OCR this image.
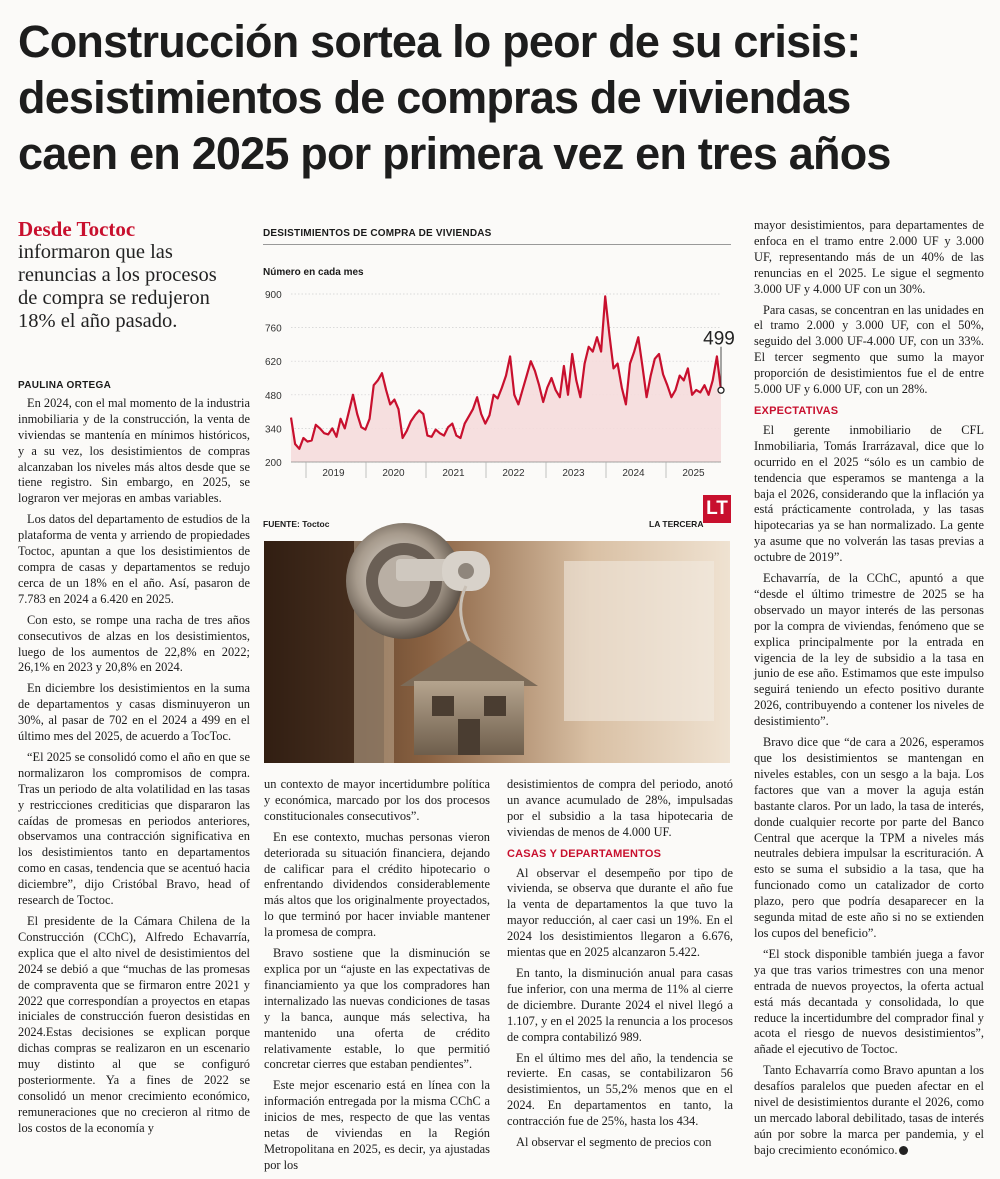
Construcción sortea lo peor de su crisis:
desistimientos de compras de viviendas
caen en 2025 por primera vez en tres años
Desde Toctoc
informaron que las renuncias a los procesos de compra se redujeron 18% el año pasado.
PAULINA ORTEGA

En 2024, con el mal momento de la industria inmobiliaria y de la construcción, la venta de viviendas se mantenía en mínimos históricos, y a su vez, los desistimientos de compras alcanzaban los niveles más altos desde que se tiene registro. Sin embargo, en 2025, se lograron ver mejoras en ambas variables.

Los datos del departamento de estudios de la plataforma de venta y arriendo de propiedades Toctoc, apuntan a que los desistimientos de compra de casas y departamentos se redujo cerca de un 18% en el año. Así, pasaron de 7.783 en 2024 a 6.420 en 2025.

Con esto, se rompe una racha de tres años consecutivos de alzas en los desistimientos, luego de los aumentos de 22,8% en 2022; 26,1% en 2023 y 20,8% en 2024.

En diciembre los desistimientos en la suma de departamentos y casas disminuyeron un 30%, al pasar de 702 en el 2024 a 499 en el último mes del 2025, de acuerdo a TocToc.

“El 2025 se consolidó como el año en que se normalizaron los compromisos de compra. Tras un periodo de alta volatilidad en las tasas y restricciones crediticias que dispararon las caídas de promesas en periodos anteriores, observamos una contracción significativa en los desistimientos tanto en departamentos como en casas, tendencia que se acentuó hacia diciembre”, dijo Cristóbal Bravo, head of research de Toctoc.

El presidente de la Cámara Chilena de la Construcción (CChC), Alfredo Echavarría, explica que el alto nivel de desistimientos del 2024 se debió a que “muchas de las promesas de compraventa que se firmaron entre 2021 y 2022 que correspondían a proyectos en etapas iniciales de construcción fueron desistidas en 2024.Estas decisiones se explican porque dichas compras se realizaron en un escenario muy distinto al que se configuró posteriormente. Ya a fines de 2022 se consolidó un menor crecimiento económico, remuneraciones que no crecieron al ritmo de los costos de la economía y

DESISTIMIENTOS DE COMPRA DE VIVIENDAS
Número en cada mes
900
760
620
480
340
200
2019	2020	2021	2022	2023	2024	2025
499
FUENTE: Toctoc	LA TERCERA
LT

un contexto de mayor incertidumbre política y económica, marcado por los dos procesos constitucionales consecutivos”.

En ese contexto, muchas personas vieron deteriorada su situación financiera, dejando de calificar para el crédito hipotecario o enfrentando dividendos considerablemente más altos que los originalmente proyectados, lo que terminó por hacer inviable mantener la promesa de compra.

Bravo sostiene que la disminución se explica por un “ajuste en las expectativas de financiamiento ya que los compradores han internalizado las nuevas condiciones de tasas y la banca, aunque más selectiva, ha mantenido una oferta de crédito relativamente estable, lo que permitió concretar cierres que estaban pendientes”.

Este mejor escenario está en línea con la información entregada por la misma CChC a inicios de mes, respecto de que las ventas netas de viviendas en la Región Metropolitana en 2025, es decir, ya ajustadas por los

desistimientos de compra del periodo, anotó un avance acumulado de 28%, impulsadas por el subsidio a la tasa hipotecaria de viviendas de menos de 4.000 UF.

CASAS Y DEPARTAMENTOS

Al observar el desempeño por tipo de vivienda, se observa que durante el año fue la venta de departamentos la que tuvo la mayor reducción, al caer casi un 19%. En el 2024 los desistimientos llegaron a 6.676, mientas que en 2025 alcanzaron 5.422.

En tanto, la disminución anual para casas fue inferior, con una merma de 11% al cierre de diciembre. Durante 2024 el nivel llegó a 1.107, y en el 2025 la renuncia a los procesos de compra contabilizó 989.

En el último mes del año, la tendencia se revierte. En casas, se contabilizaron 56 desistimientos, un 55,2% menos que en el 2024. En departamentos en tanto, la contracción fue de 25%, hasta los 434.

Al observar el segmento de precios con

mayor desistimientos, para departamentes de enfoca en el tramo entre 2.000 UF y 3.000 UF, representando más de un 40% de las renuncias en el 2025. Le sigue el segmento 3.000 UF y 4.000 UF con un 30%.

Para casas, se concentran en las unidades en el tramo 2.000 y 3.000 UF, con el 50%, seguido del 3.000 UF-4.000 UF, con un 33%. El tercer segmento que sumo la mayor proporción de desistimientos fue el de entre 5.000 UF y 6.000 UF, con un 28%.

EXPECTATIVAS

El gerente inmobiliario de CFL Inmobiliaria, Tomás Irarrázaval, dice que lo ocurrido en el 2025 “sólo es un cambio de tendencia que esperamos se mantenga a la baja el 2026, considerando que la inflación ya está prácticamente controlada, y las tasas hipotecarias ya se han normalizado. La gente ya asume que no volverán las tasas previas a octubre de 2019”.

Echavarría, de la CChC, apuntó a que “desde el último trimestre de 2025 se ha observado un mayor interés de las personas por la compra de viviendas, fenómeno que se explica principalmente por la entrada en vigencia de la ley de subsidio a la tasa en junio de ese año. Estimamos que este impulso seguirá teniendo un efecto positivo durante 2026, contribuyendo a contener los niveles de desistimiento”.

Bravo dice que “de cara a 2026, esperamos que los desistimientos se mantengan en niveles estables, con un sesgo a la baja. Los factores que van a mover la aguja están bastante claros. Por un lado, la tasa de interés, donde cualquier recorte por parte del Banco Central que acerque la TPM a niveles más neutrales debiera impulsar la escrituración. A esto se suma el subsidio a la tasa, que ha funcionado como un catalizador de corto plazo, pero que podría desaparecer en la segunda mitad de este año si no se extienden los cupos del beneficio”.

“El stock disponible también juega a favor ya que tras varios trimestres con una menor entrada de nuevos proyectos, la oferta actual está más decantada y consolidada, lo que reduce la incertidumbre del comprador final y acota el riesgo de nuevos desistimientos”, añade el ejecutivo de Toctoc.

Tanto Echavarría como Bravo apuntan a los desafíos paralelos que pueden afectar en el nivel de desistimientos durante el 2026, como un mercado laboral debilitado, tasas de interés aún por sobre la marca per pandemia, y el bajo crecimiento económico.
